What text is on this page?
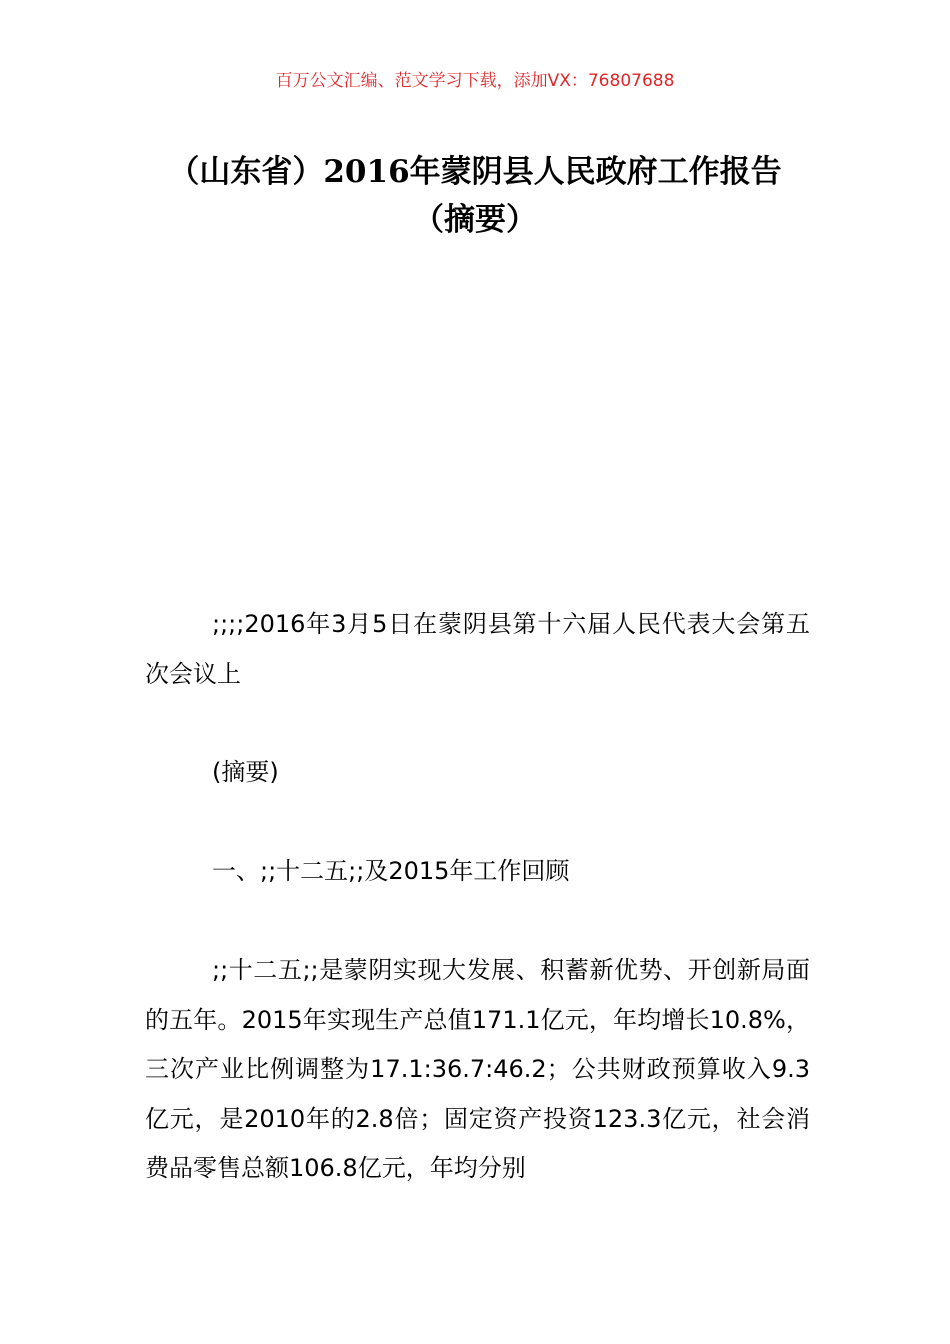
百万公文汇编、范文学习下载，添加VX：76807688
（山东省）2016年蒙阴县人民政府工作报告（摘要）

;;;;2016年3月5日在蒙阴县第十六届人民代表大会第五次会议上

(摘要)

一、;;十二五;;及2015年工作回顾

;;十二五;;是蒙阴实现大发展、积蓄新优势、开创新局面的五年。2015年实现生产总值171.1亿元，年均增长10.8%，三次产业比例调整为17.1:36.7:46.2；公共财政预算收入9.3亿元，是2010年的2.8倍；固定资产投资123.3亿元，社会消费品零售总额106.8亿元，年均分别
